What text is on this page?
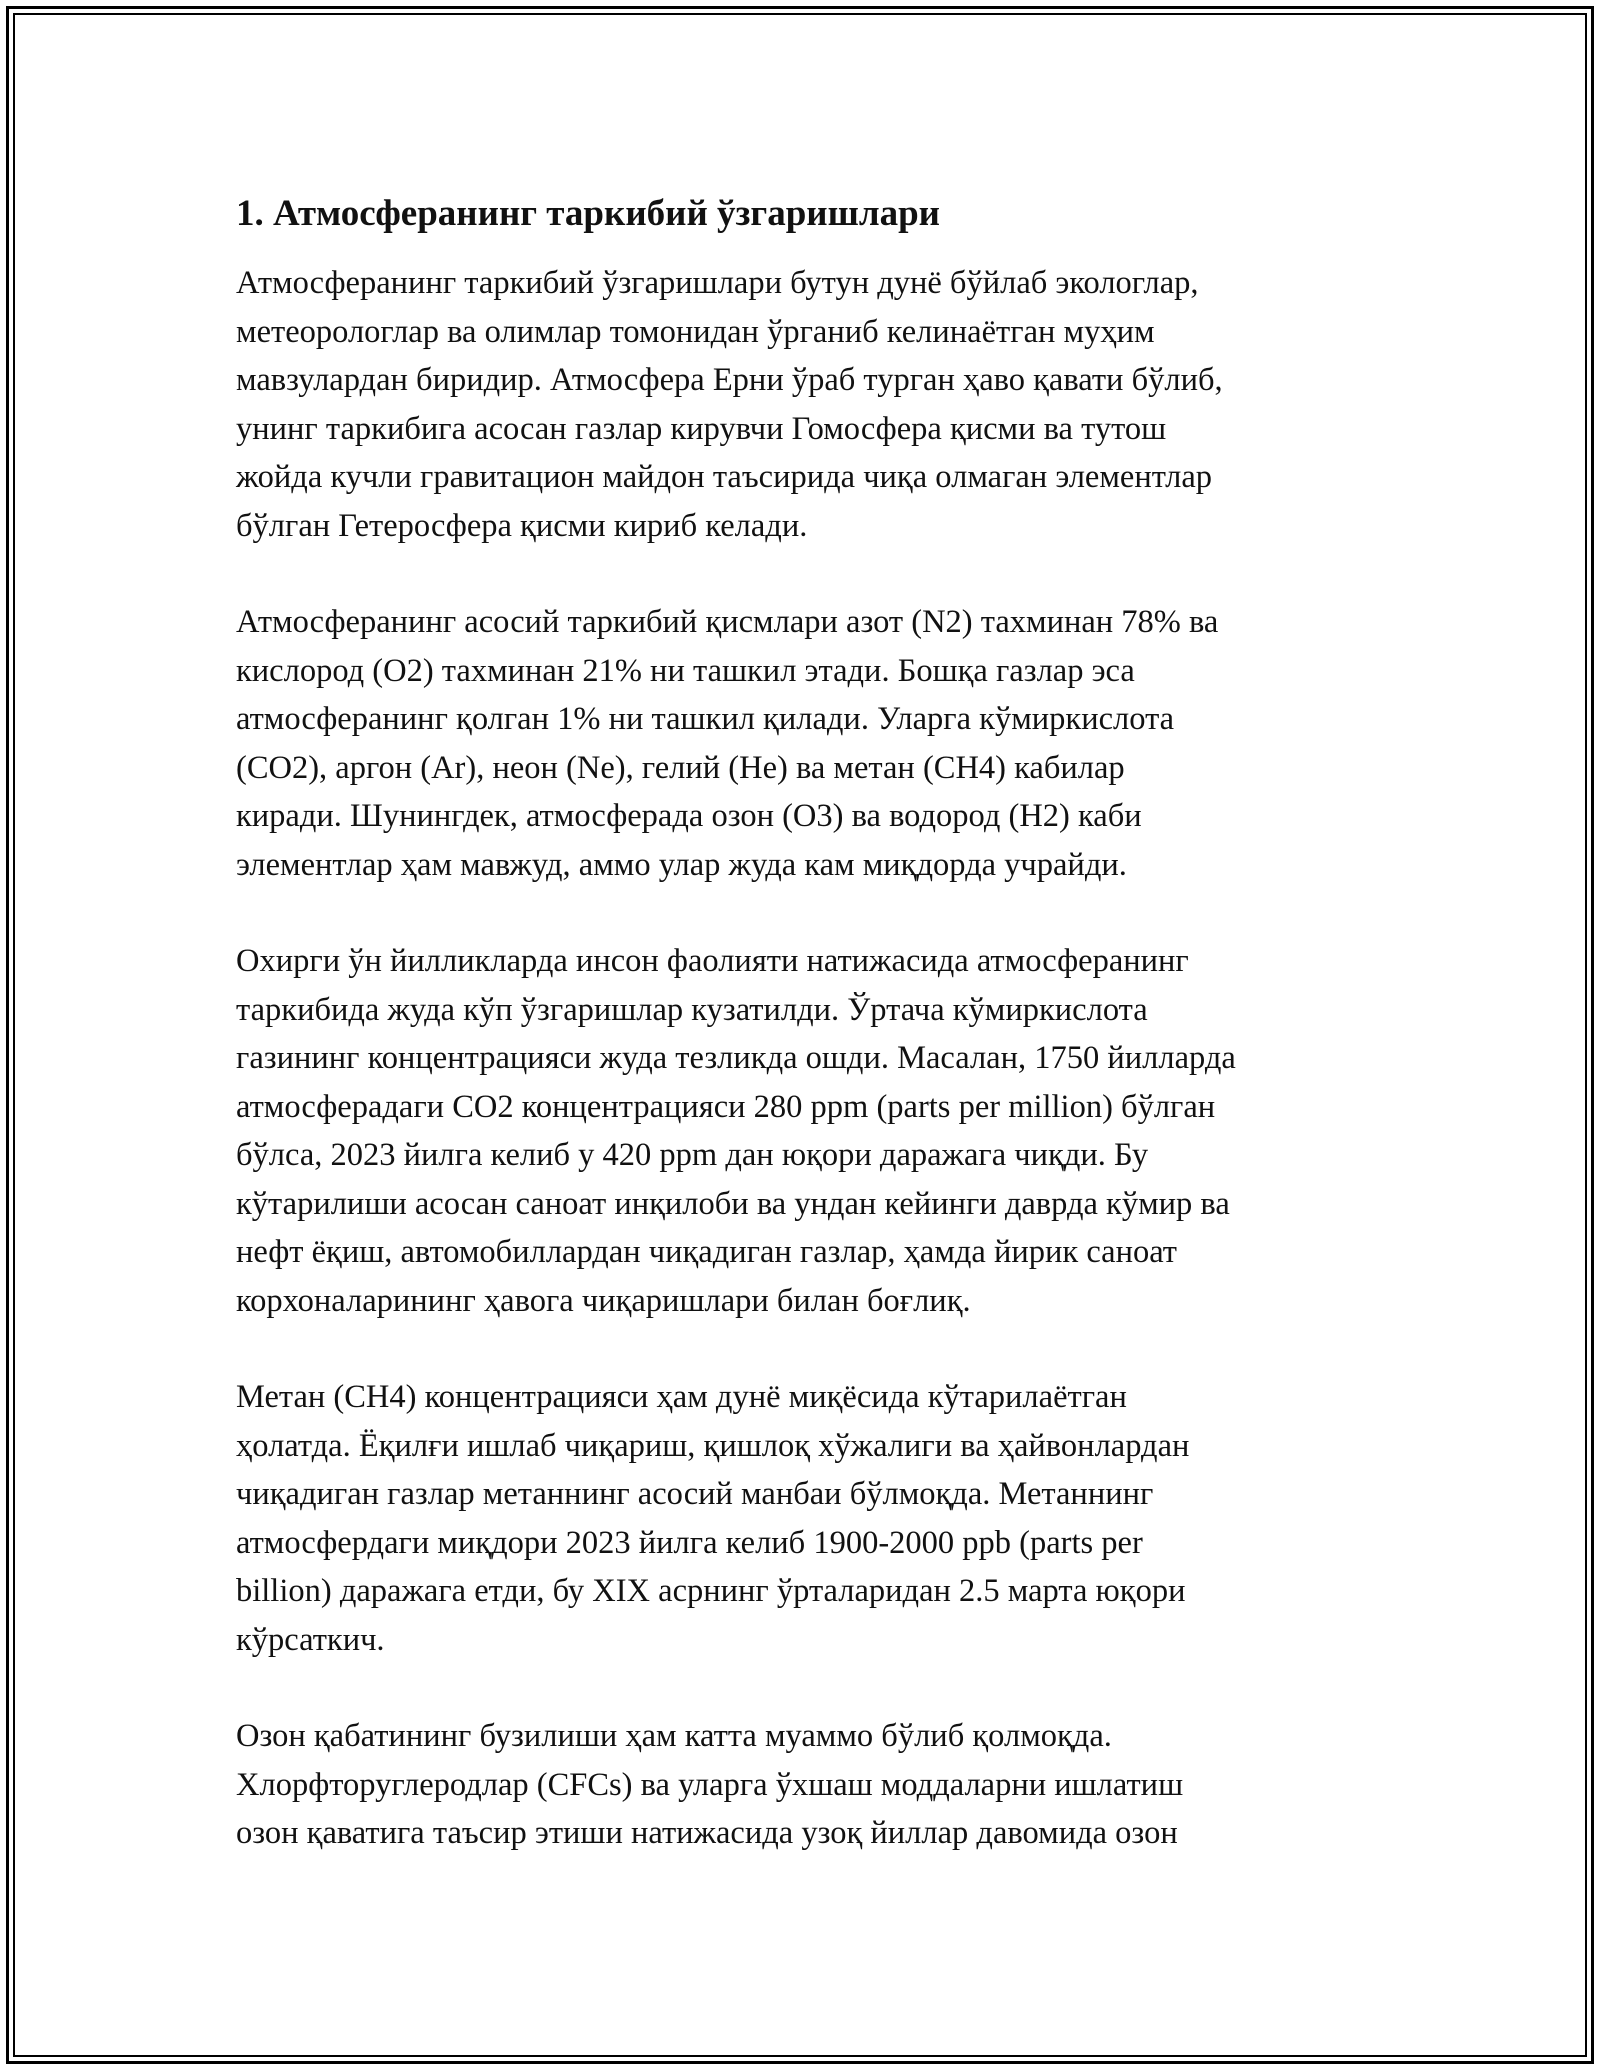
1. Атмосферанинг таркибий ўзгаришлари

Атмосферанинг таркибий ўзгаришлари бутун дунё бўйлаб экологлар,
метеорологлар ва олимлар томонидан ўрганиб келинаётган муҳим
мавзулардан биридир. Атмосфера Ерни ўраб турган ҳаво қавати бўлиб,
унинг таркибига асосан газлар кирувчи Гомосфера қисми ва тутош
жойда кучли гравитацион майдон таъсирида чиқа олмаган элементлар
бўлган Гетеросфера қисми кириб келади.

Атмосферанинг асосий таркибий қисмлари азот (N2) тахминан 78% ва
кислород (O2) тахминан 21% ни ташкил этади. Бошқа газлар эса
атмосферанинг қолган 1% ни ташкил қилади. Уларга кўмиркислота
(CO2), аргон (Ar), неон (Ne), гелий (He) ва метан (CH4) кабилар
киради. Шунингдек, атмосферада озон (O3) ва водород (H2) каби
элементлар ҳам мавжуд, аммо улар жуда кам миқдорда учрайди.

Охирги ўн йилликларда инсон фаолияти натижасида атмосферанинг
таркибида жуда кўп ўзгаришлар кузатилди. Ўртача кўмиркислота
газининг концентрацияси жуда тезликда ошди. Масалан, 1750 йилларда
атмосферадаги CO2 концентрацияси 280 ppm (parts per million) бўлган
бўлса, 2023 йилга келиб у 420 ppm дан юқори даражага чиқди. Бу
кўтарилиши асосан саноат инқилоби ва ундан кейинги даврда кўмир ва
нефт ёқиш, автомобиллардан чиқадиган газлар, ҳамда йирик саноат
корхоналарининг ҳавога чиқаришлари билан боғлиқ.

Метан (CH4) концентрацияси ҳам дунё миқёсида кўтарилаётган
ҳолатда. Ёқилғи ишлаб чиқариш, қишлоқ хўжалиги ва ҳайвонлардан
чиқадиган газлар метаннинг асосий манбаи бўлмоқда. Метаннинг
атмосфердаги миқдори 2023 йилга келиб 1900-2000 ppb (parts per
billion) даражага етди, бу XIX асрнинг ўрталаридан 2.5 марта юқори
кўрсаткич.

Озон қабатининг бузилиши ҳам катта муаммо бўлиб қолмоқда.
Хлорфторуглеродлар (CFCs) ва уларга ўхшаш моддаларни ишлатиш
озон қаватига таъсир этиши натижасида узоқ йиллар давомида озон
